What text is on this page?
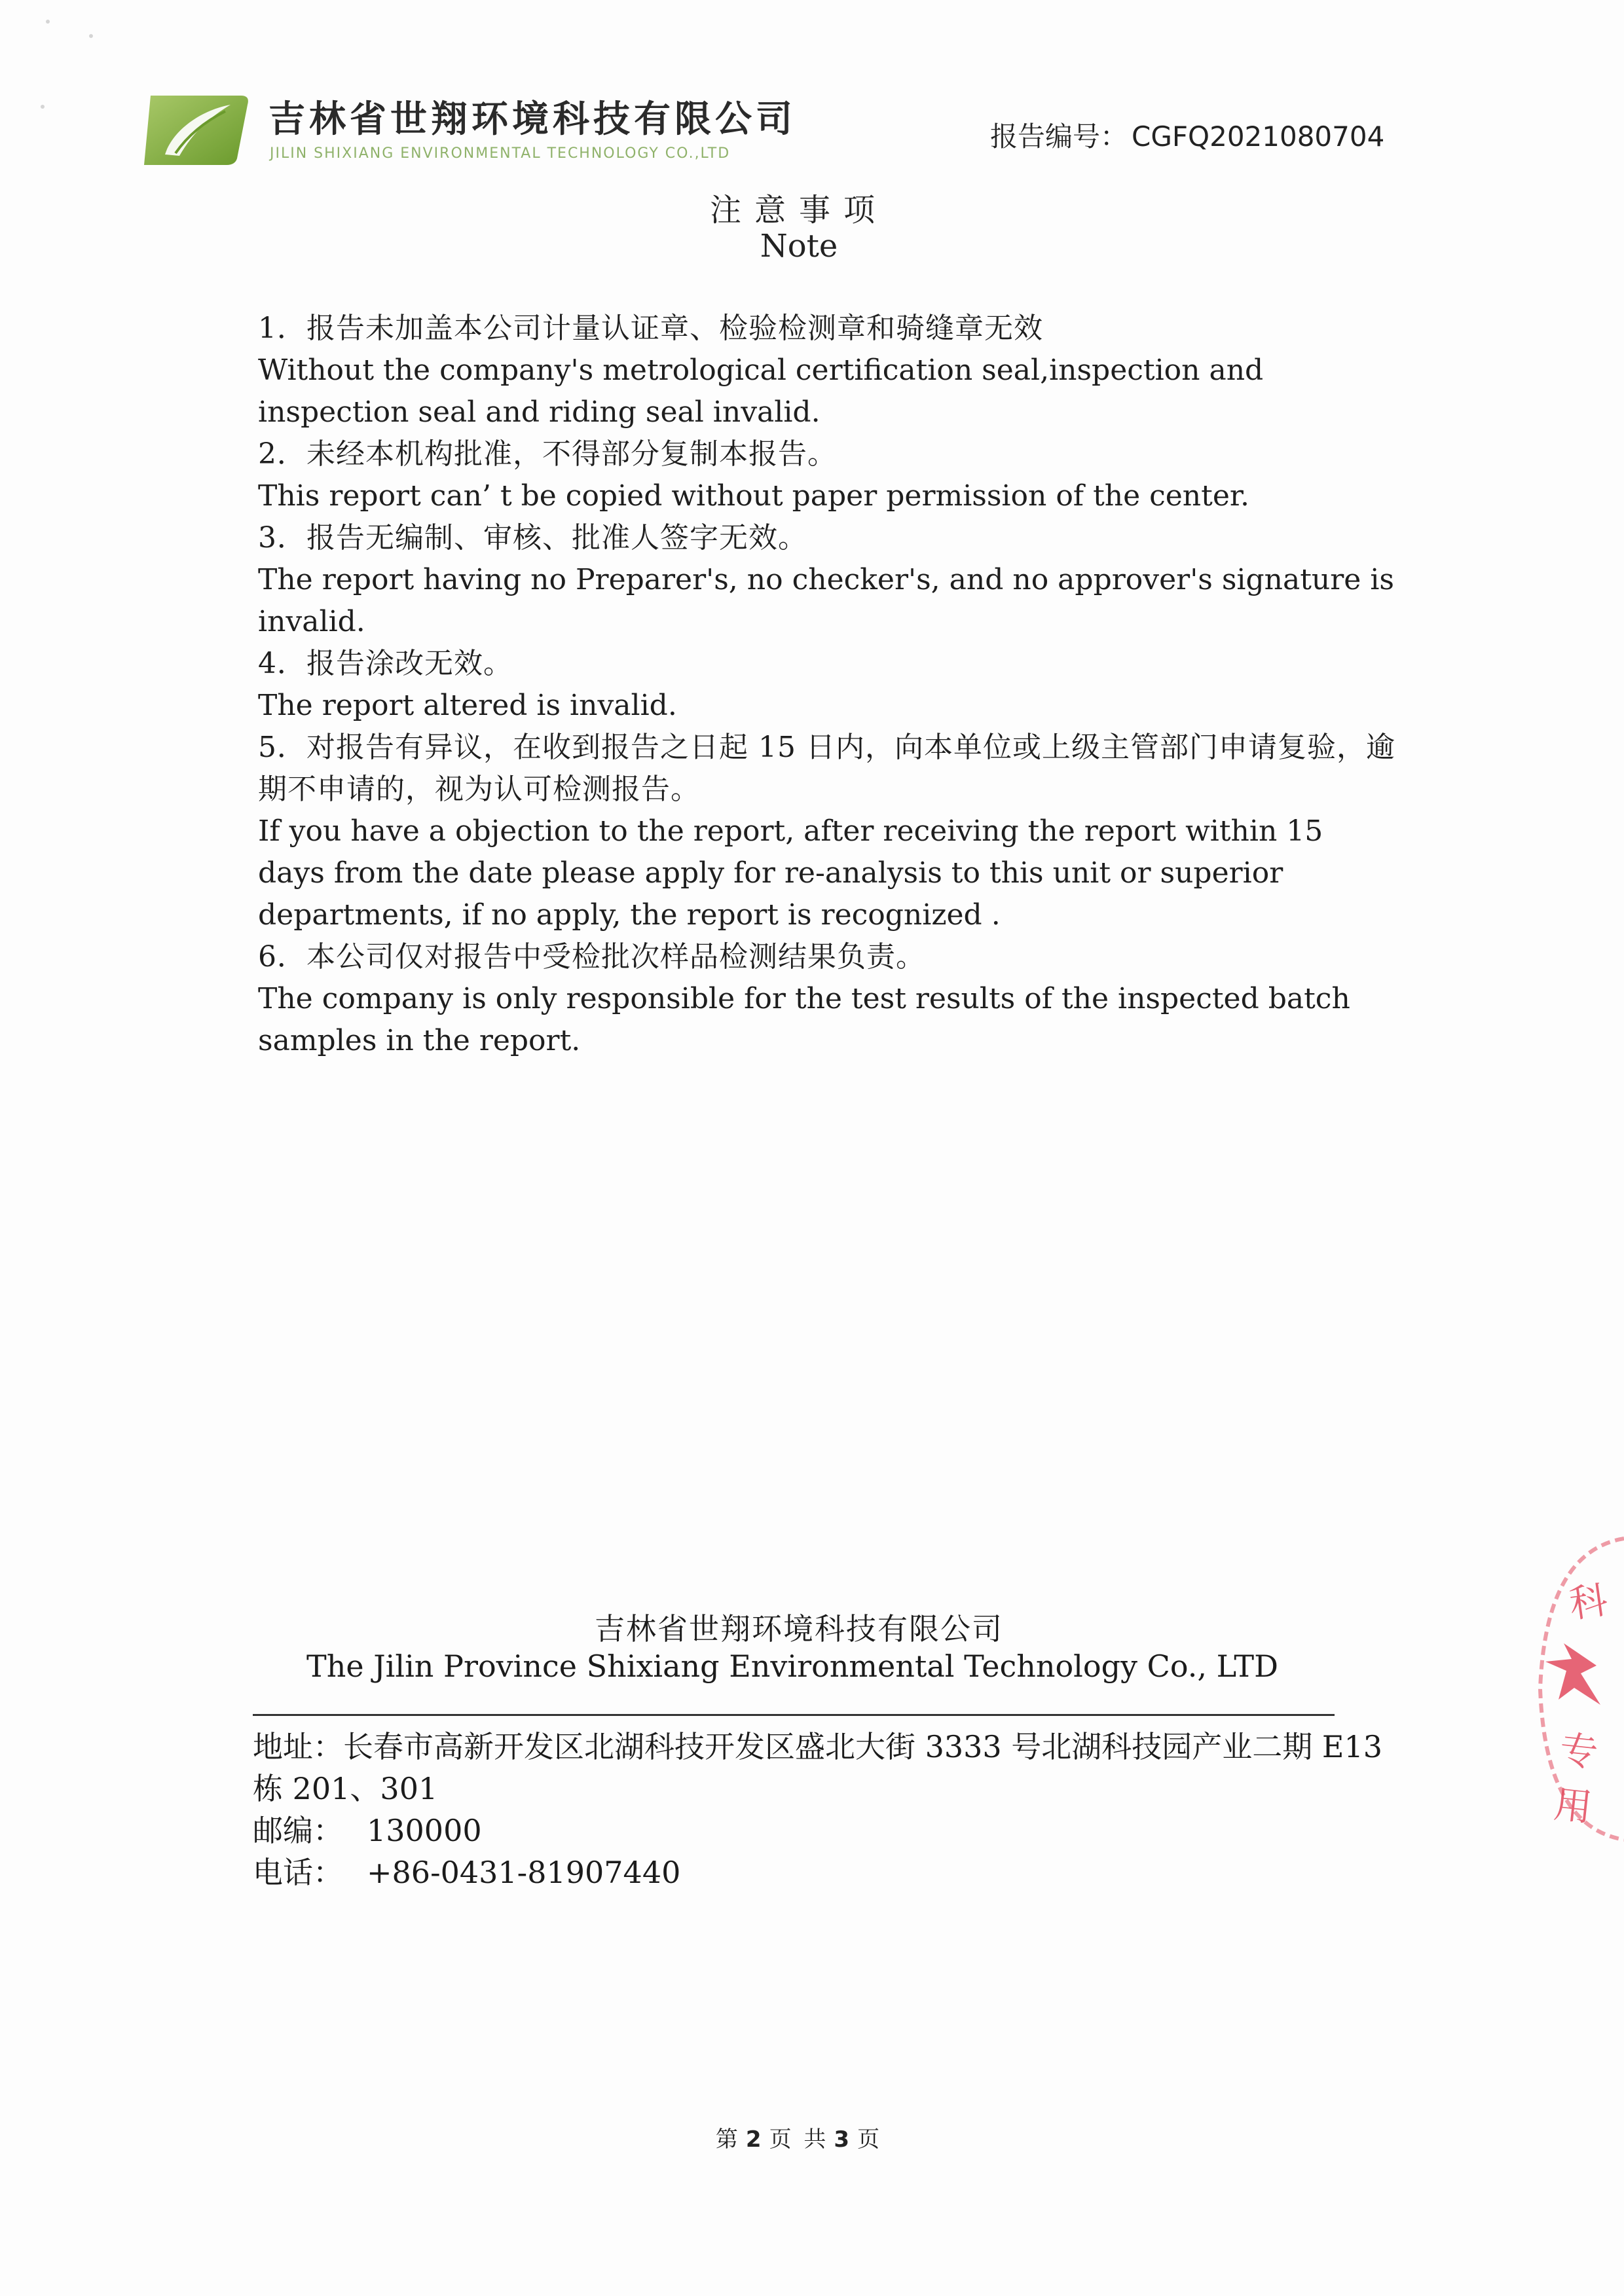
吉林省世翔环境科技有限公司
JILIN SHIXIANG ENVIRONMENTAL TECHNOLOGY CO.,LTD
报告编号： CGFQ2021080704
注意事项
Note
1．报告未加盖本公司计量认证章、检验检测章和骑缝章无效
Without the company's metrological certification seal,inspection and inspection seal and riding seal invalid.
2．未经本机构批准，不得部分复制本报告。
This report can’ t be copied without paper permission of the center.
3．报告无编制、审核、批准人签字无效。
The report having no Preparer's, no checker's, and no approver's signature is invalid.
4．报告涂改无效。
The report altered is invalid.
5．对报告有异议，在收到报告之日起 15 日内，向本单位或上级主管部门申请复验，逾期不申请的，视为认可检测报告。
If you have a objection to the report, after receiving the report within 15 days from the date please apply for re-analysis to this unit or superior departments, if no apply, the report is recognized .
6．本公司仅对报告中受检批次样品检测结果负责。
The company is only responsible for the test results of the inspected batch samples in the report.
吉林省世翔环境科技有限公司
The Jilin Province Shixiang Environmental Technology Co., LTD
地址：长春市高新开发区北湖科技开发区盛北大街 3333 号北湖科技园产业二期 E13 栋 201、301
邮编： 130000
电话： +86-0431-81907440
第 2 页 共 3 页
科
专用
